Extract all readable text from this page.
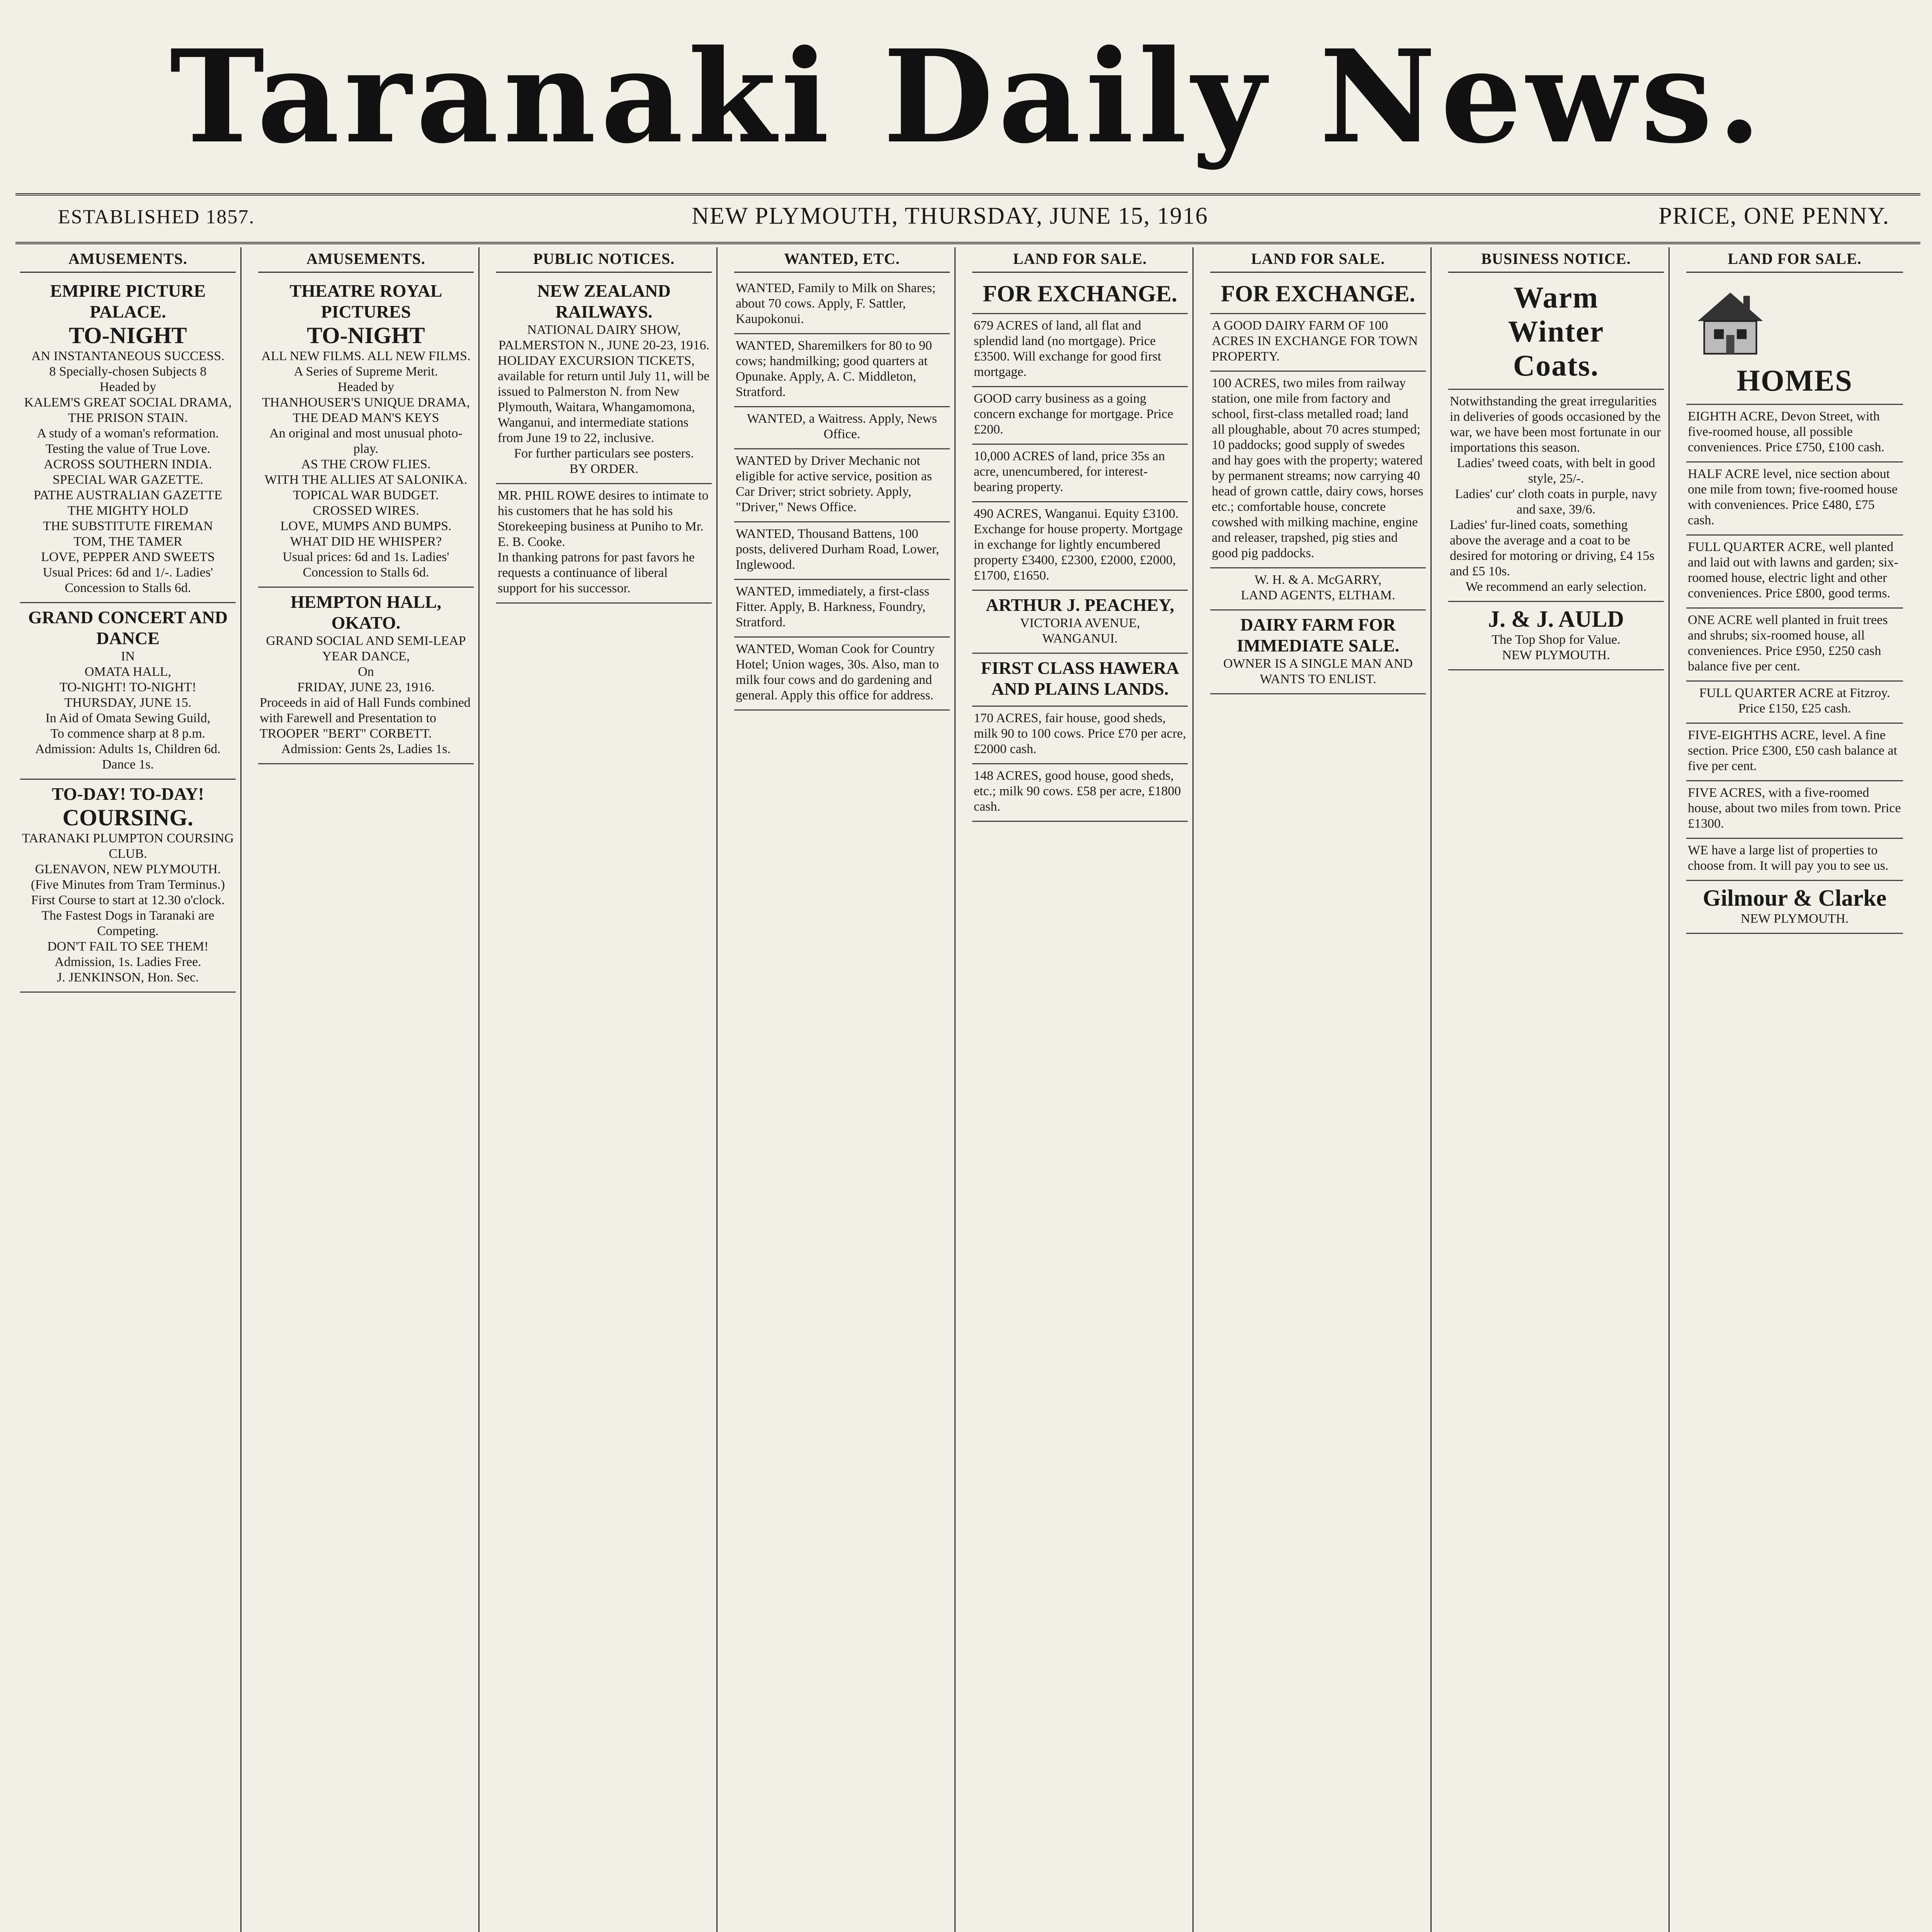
Taranaki Daily News.
ESTABLISHED 1857.	NEW PLYMOUTH, THURSDAY, JUNE 15, 1916	PRICE, ONE PENNY.
AMUSEMENTS.

EMPIRE PICTURE PALACE.

TO-NIGHT

AN INSTANTANEOUS SUCCESS.

8 Specially-chosen Subjects 8

Headed by

KALEM'S GREAT SOCIAL DRAMA,

THE PRISON STAIN.

A study of a woman's reformation.

Testing the value of True Love.

ACROSS SOUTHERN INDIA.

SPECIAL WAR GAZETTE.

PATHE AUSTRALIAN GAZETTE

THE MIGHTY HOLD

THE SUBSTITUTE FIREMAN

TOM, THE TAMER

LOVE, PEPPER AND SWEETS

Usual Prices: 6d and 1/-. Ladies' Concession to Stalls 6d.

GRAND CONCERT AND DANCE

IN

OMATA HALL,

TO-NIGHT! TO-NIGHT!

THURSDAY, JUNE 15.

In Aid of Omata Sewing Guild,

To commence sharp at 8 p.m.

Admission: Adults 1s, Children 6d. Dance 1s.

TO-DAY! TO-DAY!

COURSING.

TARANAKI PLUMPTON COURSING CLUB.

GLENAVON, NEW PLYMOUTH.

(Five Minutes from Tram Terminus.)

First Course to start at 12.30 o'clock.

The Fastest Dogs in Taranaki are Competing.

DON'T FAIL TO SEE THEM!

Admission, 1s. Ladies Free.

J. JENKINSON, Hon. Sec.

AMUSEMENTS.

THEATRE ROYAL PICTURES

TO-NIGHT

ALL NEW FILMS. ALL NEW FILMS.

A Series of Supreme Merit.

Headed by

THANHOUSER'S UNIQUE DRAMA,

THE DEAD MAN'S KEYS

An original and most unusual photo-play.

AS THE CROW FLIES.

WITH THE ALLIES AT SALONIKA.

TOPICAL WAR BUDGET.

CROSSED WIRES.

LOVE, MUMPS AND BUMPS.

WHAT DID HE WHISPER?

Usual prices: 6d and 1s. Ladies' Concession to Stalls 6d.

HEMPTON HALL, OKATO.

GRAND SOCIAL AND SEMI-LEAP YEAR DANCE,

On

FRIDAY, JUNE 23, 1916.

Proceeds in aid of Hall Funds combined with Farewell and Presentation to TROOPER "BERT" CORBETT.

Admission: Gents 2s, Ladies 1s.

PUBLIC NOTICES.

NEW ZEALAND RAILWAYS.

NATIONAL DAIRY SHOW, PALMERSTON N., JUNE 20-23, 1916.

HOLIDAY EXCURSION TICKETS, available for return until July 11, will be issued to Palmerston N. from New Plymouth, Waitara, Whangamomona, Wanganui, and intermediate stations from June 19 to 22, inclusive.

For further particulars see posters.

BY ORDER.

MR. PHIL ROWE desires to intimate to his customers that he has sold his Storekeeping business at Puniho to Mr. E. B. Cooke.

In thanking patrons for past favors he requests a continuance of liberal support for his successor.

WANTED, ETC.

WANTED, Family to Milk on Shares; about 70 cows. Apply, F. Sattler, Kaupokonui.

WANTED, Sharemilkers for 80 to 90 cows; handmilking; good quarters at Opunake. Apply, A. C. Middleton, Stratford.

WANTED, a Waitress. Apply, News Office.

WANTED by Driver Mechanic not eligible for active service, position as Car Driver; strict sobriety. Apply, "Driver," News Office.

WANTED, Thousand Battens, 100 posts, delivered Durham Road, Lower, Inglewood.

WANTED, immediately, a first-class Fitter. Apply, B. Harkness, Foundry, Stratford.

WANTED, Woman Cook for Country Hotel; Union wages, 30s. Also, man to milk four cows and do gardening and general. Apply this office for address.

LAND FOR SALE.

FOR EXCHANGE.

679 ACRES of land, all flat and splendid land (no mortgage). Price £3500. Will exchange for good first mortgage.

GOOD carry business as a going concern exchange for mortgage. Price £200.

10,000 ACRES of land, price 35s an acre, unencumbered, for interest-bearing property.

490 ACRES, Wanganui. Equity £3100. Exchange for house property. Mortgage in exchange for lightly encumbered property £3400, £2300, £2000, £2000, £1700, £1650.

ARTHUR J. PEACHEY,

VICTORIA AVENUE,

WANGANUI.

FIRST CLASS HAWERA AND PLAINS LANDS.

170 ACRES, fair house, good sheds, milk 90 to 100 cows. Price £70 per acre, £2000 cash.

148 ACRES, good house, good sheds, etc.; milk 90 cows. £58 per acre, £1800 cash.

LAND FOR SALE.

FOR EXCHANGE.

A GOOD DAIRY FARM OF 100 ACRES IN EXCHANGE FOR TOWN PROPERTY.

100 ACRES, two miles from railway station, one mile from factory and school, first-class metalled road; land all ploughable, about 70 acres stumped; 10 paddocks; good supply of swedes and hay goes with the property; watered by permanent streams; now carrying 40 head of grown cattle, dairy cows, horses etc.; comfortable house, concrete cowshed with milking machine, engine and releaser, trapshed, pig sties and good pig paddocks.

W. H. & A. McGARRY,

LAND AGENTS, ELTHAM.

DAIRY FARM FOR IMMEDIATE SALE.

OWNER IS A SINGLE MAN AND WANTS TO ENLIST.

BUSINESS NOTICE.

Warm

Winter

Coats.

Notwithstanding the great irregularities in deliveries of goods occasioned by the war, we have been most fortunate in our importations this season.

Ladies' tweed coats, with belt in good style, 25/-.

Ladies' cur' cloth coats in purple, navy and saxe, 39/6.

Ladies' fur-lined coats, something above the average and a coat to be desired for motoring or driving, £4 15s and £5 10s.

We recommend an early selection.

J. & J. AULD

The Top Shop for Value.

NEW PLYMOUTH.

LAND FOR SALE.

HOMES

EIGHTH ACRE, Devon Street, with five-roomed house, all possible conveniences. Price £750, £100 cash.

HALF ACRE level, nice section about one mile from town; five-roomed house with conveniences. Price £480, £75 cash.

FULL QUARTER ACRE, well planted and laid out with lawns and garden; six-roomed house, electric light and other conveniences. Price £800, good terms.

ONE ACRE well planted in fruit trees and shrubs; six-roomed house, all conveniences. Price £950, £250 cash balance five per cent.

FULL QUARTER ACRE at Fitzroy. Price £150, £25 cash.

FIVE-EIGHTHS ACRE, level. A fine section. Price £300, £50 cash balance at five per cent.

FIVE ACRES, with a five-roomed house, about two miles from town. Price £1300.

WE have a large list of properties to choose from. It will pay you to see us.

Gilmour & Clarke

NEW PLYMOUTH.
